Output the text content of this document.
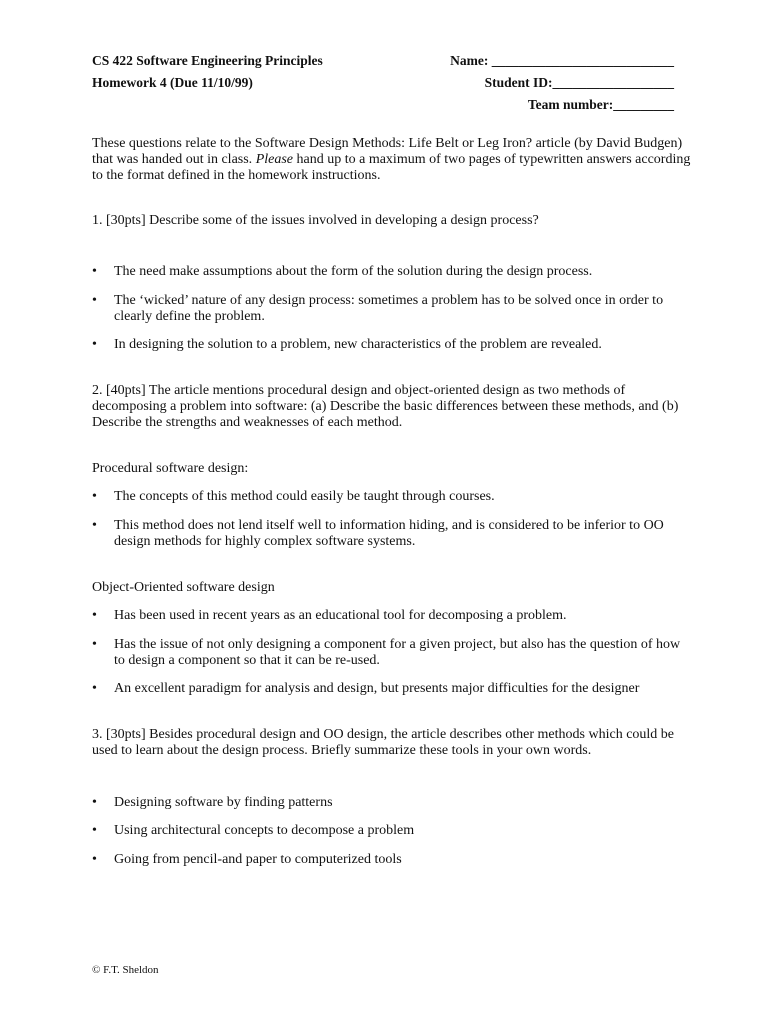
CS 422 Software Engineering Principles
Homework 4 (Due 11/10/99)
Name: ___________________________
Student ID:__________________
Team number:_________
These questions relate to the Software Design Methods: Life Belt or Leg Iron? article (by David Budgen) that was handed out in class. Please hand up to a maximum of two pages of typewritten answers according to the format defined in the homework instructions.
1. [30pts] Describe some of the issues involved in developing a design process?
• The need make assumptions about the form of the solution during the design process.
• The ‘wicked’ nature of any design process: sometimes a problem has to be solved once in order to clearly define the problem.
• In designing the solution to a problem, new characteristics of the problem are revealed.
2. [40pts] The article mentions procedural design and object-oriented design as two methods of decomposing a problem into software: (a) Describe the basic differences between these methods, and (b) Describe the strengths and weaknesses of each method.
Procedural software design:
• The concepts of this method could easily be taught through courses.
• This method does not lend itself well to information hiding, and is considered to be inferior to OO design methods for highly complex software systems.
Object-Oriented software design
• Has been used in recent years as an educational tool for decomposing a problem.
• Has the issue of not only designing a component for a given project, but also has the question of how to design a component so that it can be re-used.
• An excellent paradigm for analysis and design, but presents major difficulties for the designer
3. [30pts] Besides procedural design and OO design, the article describes other methods which could be used to learn about the design process. Briefly summarize these tools in your own words.
• Designing software by finding patterns
• Using architectural concepts to decompose a problem
• Going from pencil-and paper to computerized tools
© F.T. Sheldon
